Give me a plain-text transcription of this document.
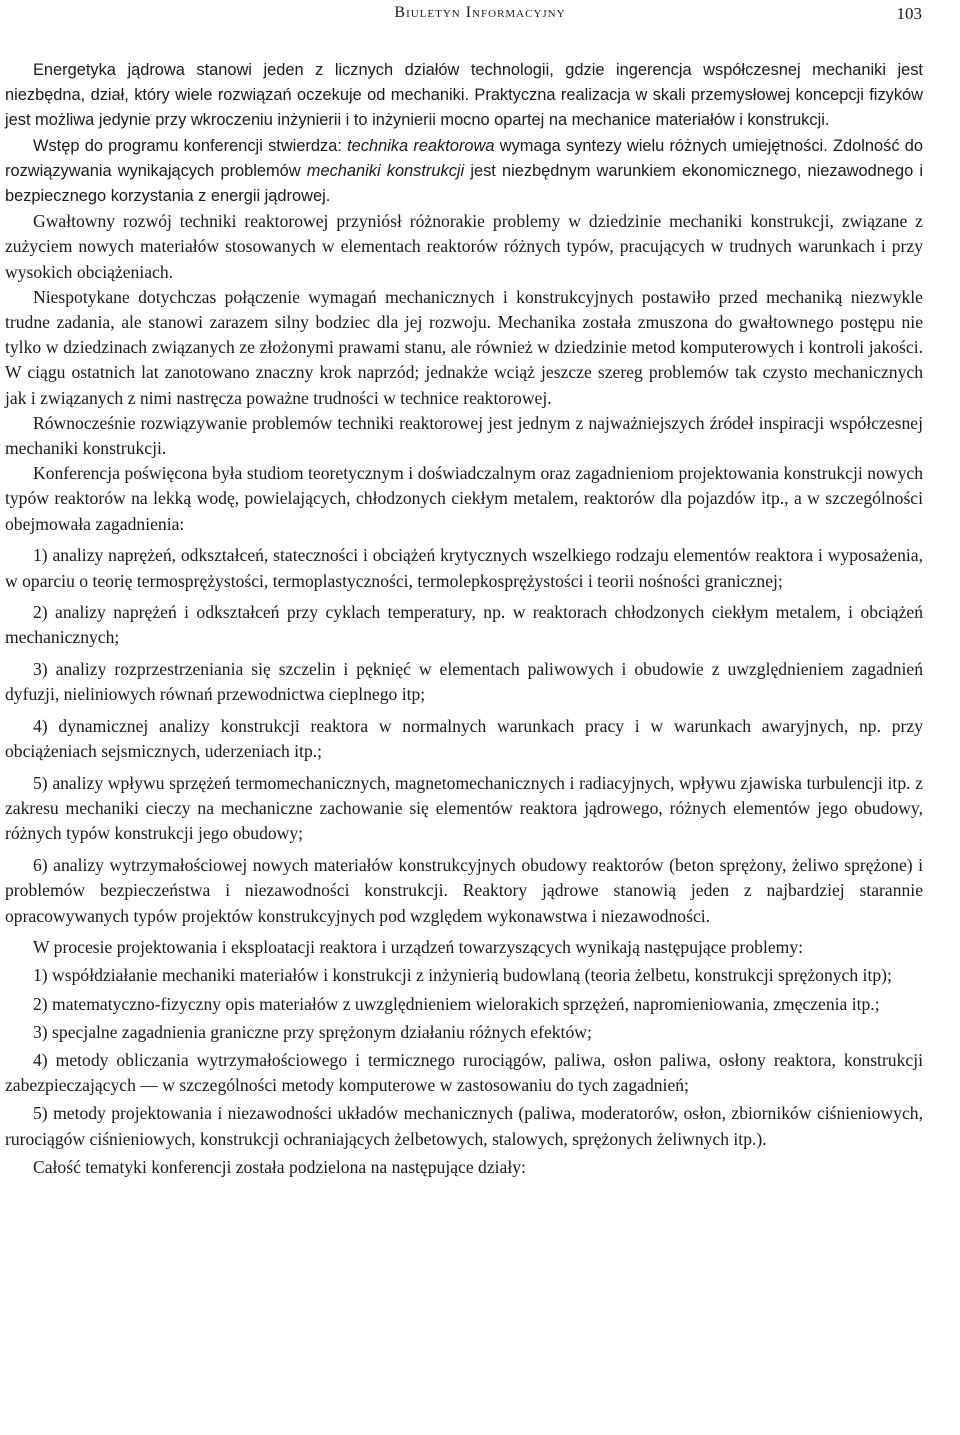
Biuletyn Informacyjny	103

Energetyka jądrowa stanowi jeden z licznych działów technologii, gdzie ingerencja współczesnej mechaniki jest niezbędna, dział, który wiele rozwiązań oczekuje od mechaniki. Praktyczna realizacja w skali przemysłowej koncepcji fizyków jest możliwa jedynie przy wkroczeniu inżynierii i to inżynierii mocno opartej na mechanice materiałów i konstrukcji.

Wstęp do programu konferencji stwierdza: technika reaktorowa wymaga syntezy wielu różnych umiejętności. Zdolność do rozwiązywania wynikających problemów mechaniki konstrukcji jest niezbędnym warunkiem ekonomicznego, niezawodnego i bezpiecznego korzystania z energii jądrowej.

Gwałtowny rozwój techniki reaktorowej przyniósł różnorakie problemy w dziedzinie mechaniki konstrukcji, związane z zużyciem nowych materiałów stosowanych w elementach reaktorów różnych typów, pracujących w trudnych warunkach i przy wysokich obciążeniach.

Niespotykane dotychczas połączenie wymagań mechanicznych i konstrukcyjnych postawiło przed mechaniką niezwykle trudne zadania, ale stanowi zarazem silny bodziec dla jej rozwoju. Mechanika została zmuszona do gwałtownego postępu nie tylko w dziedzinach związanych ze złożonymi prawami stanu, ale również w dziedzinie metod komputerowych i kontroli jakości. W ciągu ostatnich lat zanotowano znaczny krok naprzód; jednakże wciąż jeszcze szereg problemów tak czysto mechanicznych jak i związanych z nimi nastręcza poważne trudności w technice reaktorowej.

Równocześnie rozwiązywanie problemów techniki reaktorowej jest jednym z najważniejszych źródeł inspiracji współczesnej mechaniki konstrukcji.

Konferencja poświęcona była studiom teoretycznym i doświadczalnym oraz zagadnieniom projektowania konstrukcji nowych typów reaktorów na lekką wodę, powielających, chłodzonych ciekłym metalem, reaktorów dla pojazdów itp., a w szczególności obejmowała zagadnienia:

1) analizy naprężeń, odkształceń, stateczności i obciążeń krytycznych wszelkiego rodzaju elementów reaktora i wyposażenia, w oparciu o teorię termosprężystości, termoplastyczności, termolepkosprężystości i teorii nośności granicznej;

2) analizy naprężeń i odkształceń przy cyklach temperatury, np. w reaktorach chłodzonych ciekłym metalem, i obciążeń mechanicznych;

3) analizy rozprzestrzeniania się szczelin i pęknięć w elementach paliwowych i obudowie z uwzględnieniem zagadnień dyfuzji, nieliniowych równań przewodnictwa cieplnego itp;

4) dynamicznej analizy konstrukcji reaktora w normalnych warunkach pracy i w warunkach awaryjnych, np. przy obciążeniach sejsmicznych, uderzeniach itp.;

5) analizy wpływu sprzężeń termomechanicznych, magnetomechanicznych i radiacyjnych, wpływu zjawiska turbulencji itp. z zakresu mechaniki cieczy na mechaniczne zachowanie się elementów reaktora jądrowego, różnych elementów jego obudowy, różnych typów konstrukcji jego obudowy;

6) analizy wytrzymałościowej nowych materiałów konstrukcyjnych obudowy reaktorów (beton sprężony, żeliwo sprężone) i problemów bezpieczeństwa i niezawodności konstrukcji. Reaktory jądrowe stanowią jeden z najbardziej starannie opracowywanych typów projektów konstrukcyjnych pod względem wykonawstwa i niezawodności.

W procesie projektowania i eksploatacji reaktora i urządzeń towarzyszących wynikają następujące problemy:

1) współdziałanie mechaniki materiałów i konstrukcji z inżynierią budowlaną (teoria żelbetu, konstrukcji sprężonych itp);

2) matematyczno-fizyczny opis materiałów z uwzględnieniem wielorakich sprzężeń, napromieniowania, zmęczenia itp.;

3) specjalne zagadnienia graniczne przy sprężonym działaniu różnych efektów;

4) metody obliczania wytrzymałościowego i termicznego rurociągów, paliwa, osłon paliwa, osłony reaktora, konstrukcji zabezpieczających — w szczególności metody komputerowe w zastosowaniu do tych zagadnień;

5) metody projektowania i niezawodności układów mechanicznych (paliwa, moderatorów, osłon, zbiorników ciśnieniowych, rurociągów ciśnieniowych, konstrukcji ochraniających żelbetowych, stalowych, sprężonych żeliwnych itp.).

Całość tematyki konferencji została podzielona na następujące działy:
